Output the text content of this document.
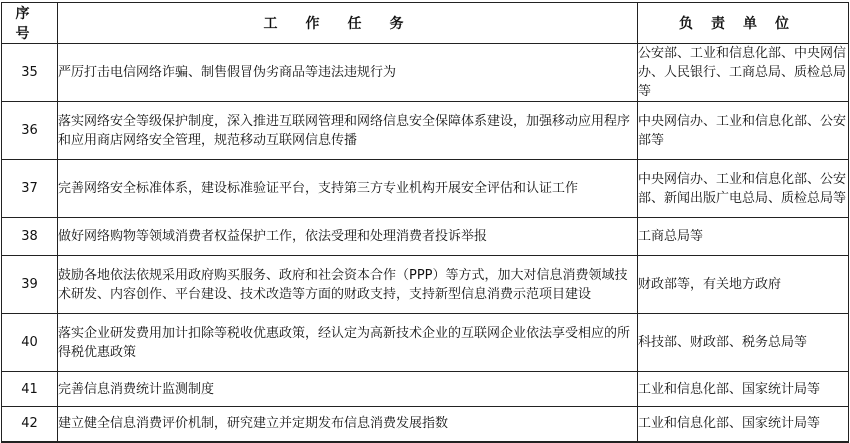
序号	工作任务	负责单位
35	严厉打击电信网络诈骗、制售假冒伪劣商品等违法违规行为	公安部、工业和信息化部、中央网信办、人民银行、工商总局、质检总局等
36	落实网络安全等级保护制度，深入推进互联网管理和网络信息安全保障体系建设，加强移动应用程序和应用商店网络安全管理，规范移动互联网信息传播	中央网信办、工业和信息化部、公安部等
37	完善网络安全标准体系，建设标准验证平台，支持第三方专业机构开展安全评估和认证工作	中央网信办、工业和信息化部、公安部、新闻出版广电总局、质检总局等
38	做好网络购物等领域消费者权益保护工作，依法受理和处理消费者投诉举报	工商总局等
39	鼓励各地依法依规采用政府购买服务、政府和社会资本合作（PPP）等方式，加大对信息消费领域技术研发、内容创作、平台建设、技术改造等方面的财政支持，支持新型信息消费示范项目建设	财政部等，有关地方政府
40	落实企业研发费用加计扣除等税收优惠政策，经认定为高新技术企业的互联网企业依法享受相应的所得税优惠政策	科技部、财政部、税务总局等
41	完善信息消费统计监测制度	工业和信息化部、国家统计局等
42	建立健全信息消费评价机制，研究建立并定期发布信息消费发展指数	工业和信息化部、国家统计局等
